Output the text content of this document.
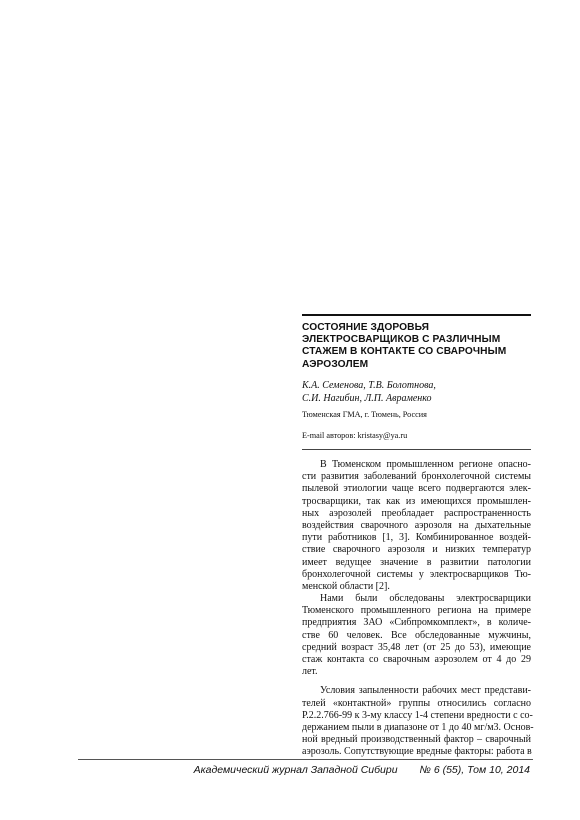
СОСТОЯНИЕ ЗДОРОВЬЯ
ЭЛЕКТРОСВАРЩИКОВ С РАЗЛИЧНЫМ
СТАЖЕМ В КОНТАКТЕ СО СВАРОЧНЫМ
АЭРОЗОЛЕМ
К.А. Семенова, Т.В. Болотнова,
С.И. Нагибин, Л.П. Авраменко
Тюменская ГМА, г. Тюмень, Россия
E-mail авторов: kristasy@ya.ru
В Тюменском промышленном регионе опасно-
сти развития заболеваний бронхолегочной системы
пылевой этиологии чаще всего подвергаются элек-
тросварщики, так как из имеющихся промышлен-
ных аэрозолей преобладает распространенность
воздействия сварочного аэрозоля на дыхательные
пути работников [1, 3]. Комбинированное воздей-
ствие сварочного аэрозоля и низких температур
имеет ведущее значение в развитии патологии
бронхолегочной системы у электросварщиков Тю-
менской области [2].
Нами были обследованы электросварщики
Тюменского промышленного региона на примере
предприятия ЗАО «Сибпромкомплект», в количе-
стве 60 человек. Все обследованные мужчины,
средний возраст 35,48 лет (от 25 до 53), имеющие
стаж контакта со сварочным аэрозолем от 4 до 29
лет.
Условия запыленности рабочих мест представи-
телей «контактной» группы относились согласно
Р.2.2.766-99 к 3-му классу 1-4 степени вредности с со-
держанием пыли в диапазоне от 1 до 40 мг/м3. Основ-
ной вредный производственный фактор – сварочный
аэрозоль. Сопутствующие вредные факторы: работа в
Академический журнал Западной Сибири № 6 (55), Том 10, 2014
